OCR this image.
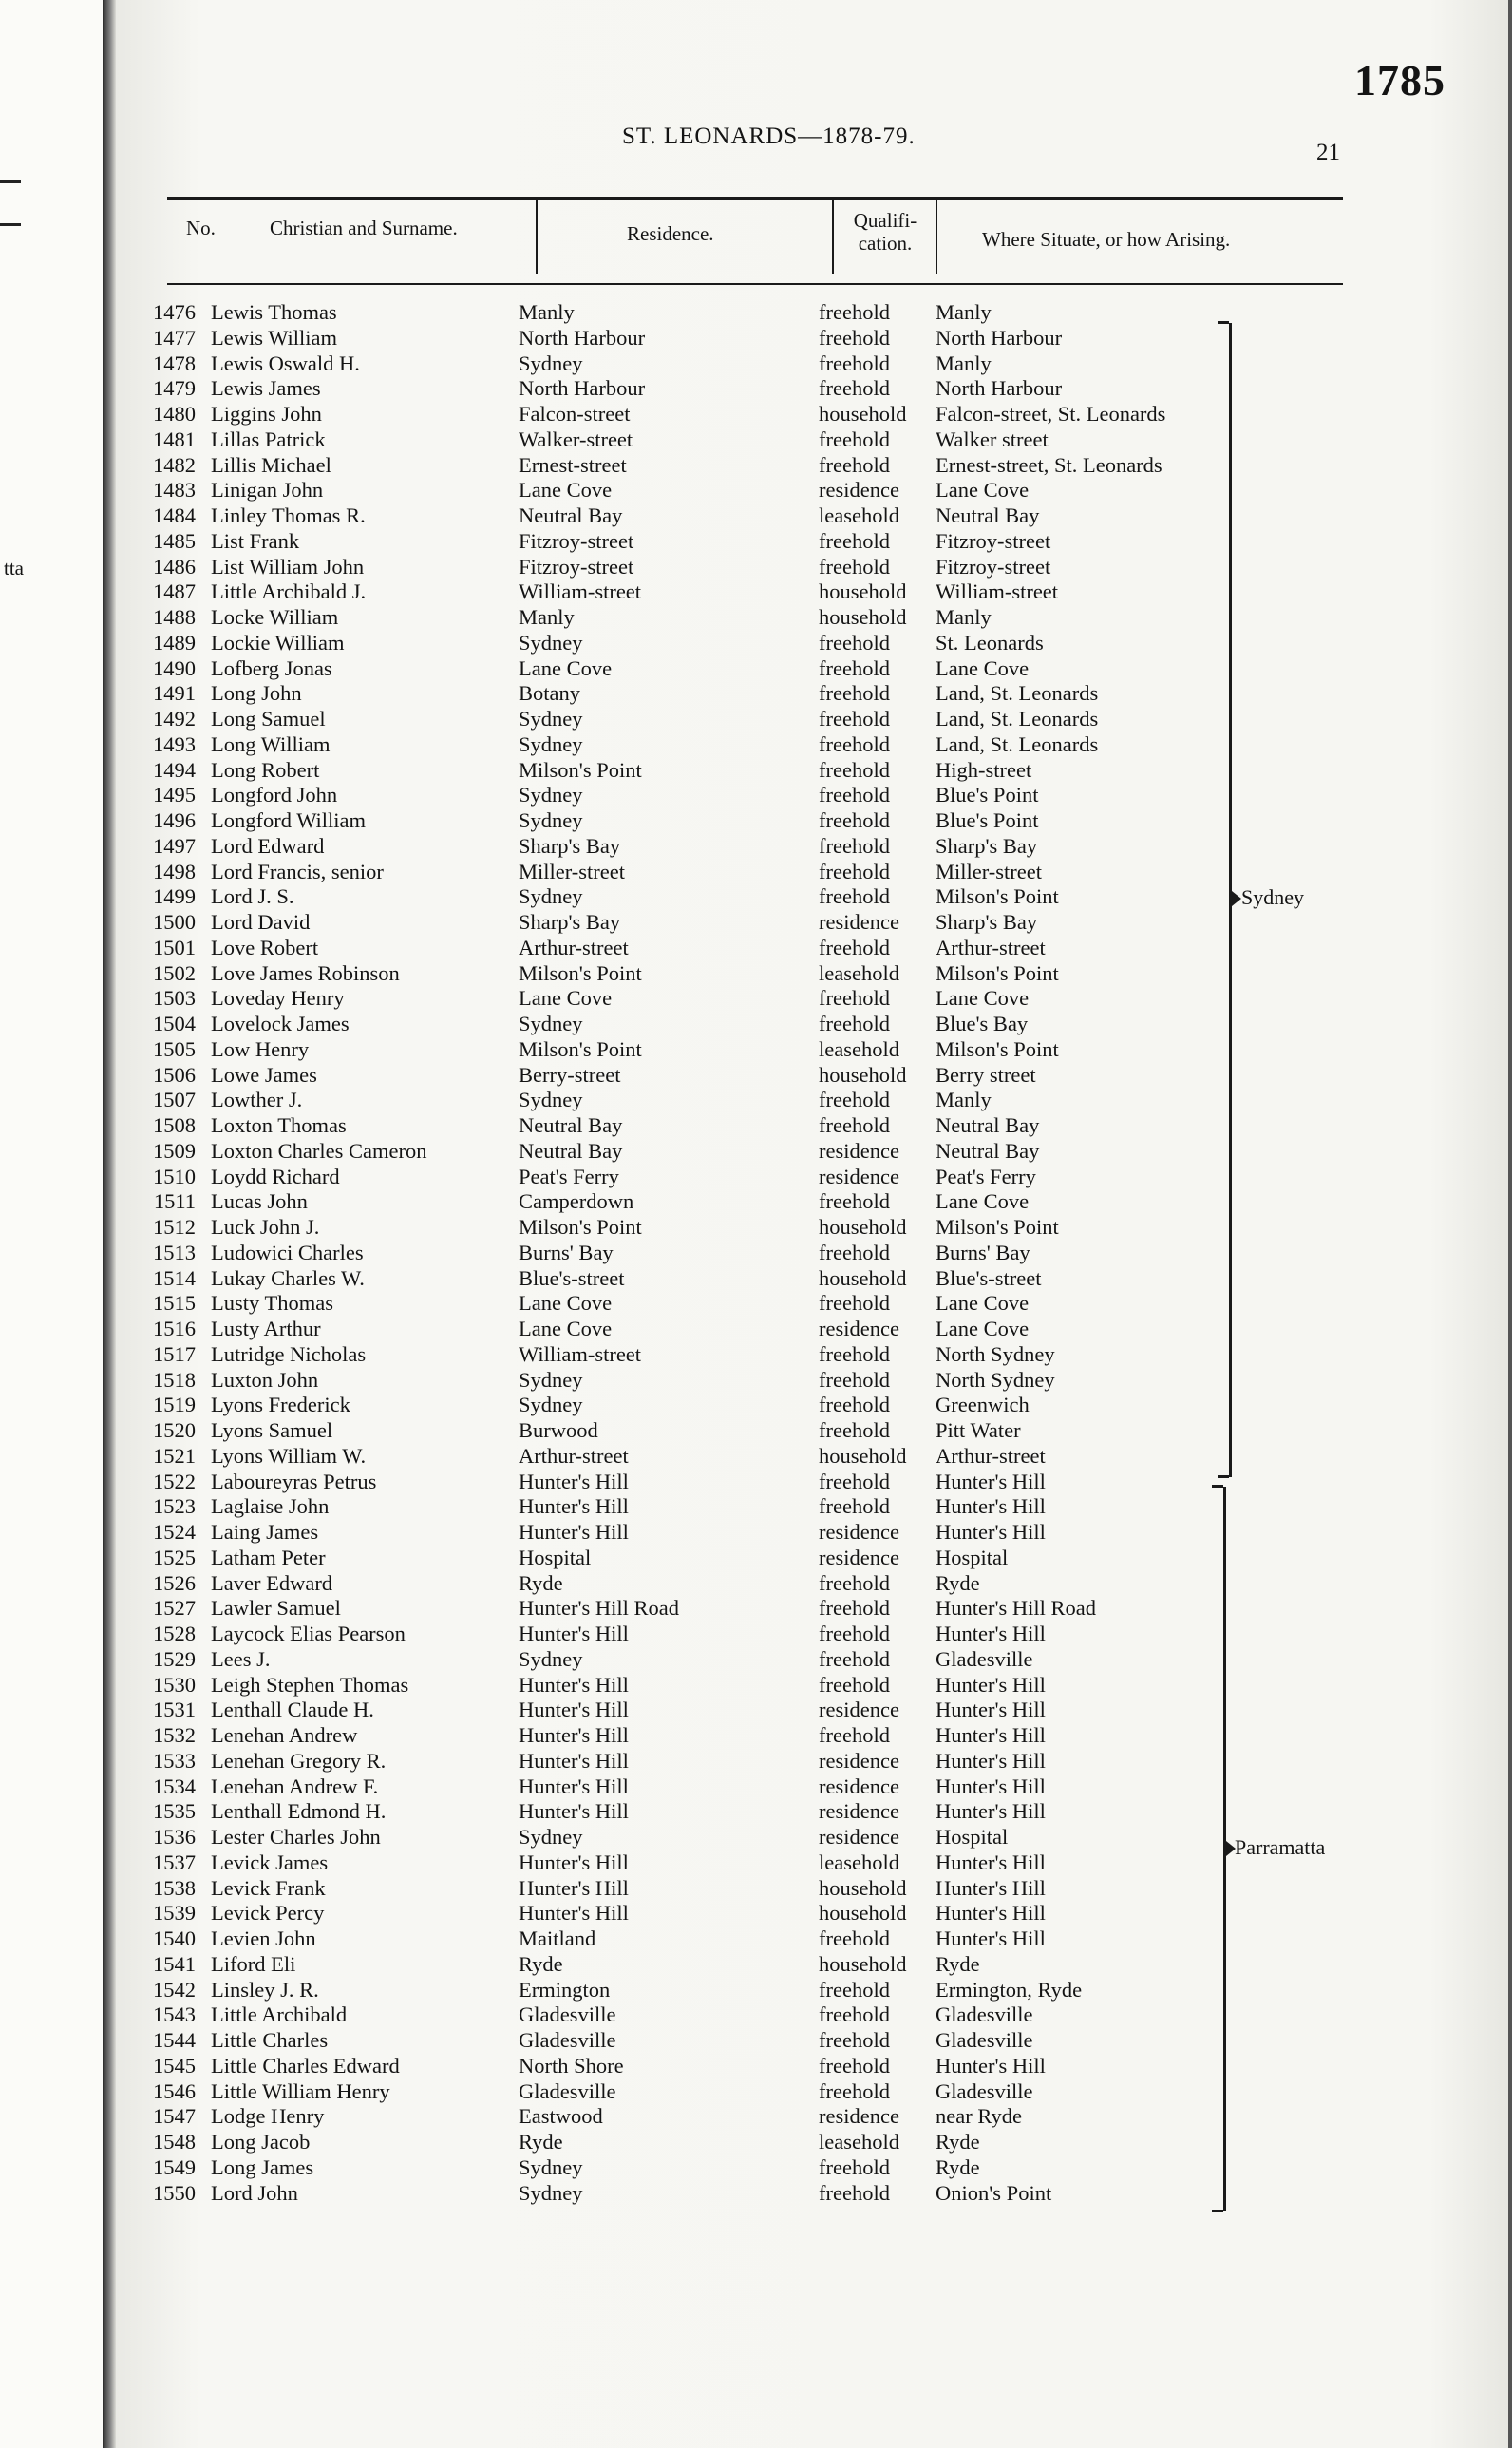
tta
1785
21
ST. LEONARDS—1878-79.
No.	Christian and Surname.	Residence.
Qualifi-
cation.	Where Situate, or how Arising.
1476 Lewis Thomas	Manly	freehold Manly
1477 Lewis William	North Harbour	freehold North Harbour
1478 Lewis Oswald H.	Sydney	freehold Manly
1479 Lewis James	North Harbour	freehold North Harbour
1480 Liggins John	Falcon-street	household Falcon-street, St. Leonards
1481 Lillas Patrick	Walker-street	freehold Walker street
1482 Lillis Michael	Ernest-street	freehold Ernest-street, St. Leonards
1483 Linigan John	Lane Cove	residence Lane Cove
1484 Linley Thomas R.	Neutral Bay	leasehold Neutral Bay
1485 List Frank	Fitzroy-street	freehold Fitzroy-street
1486 List William John	Fitzroy-street	freehold Fitzroy-street
1487 Little Archibald J.	William-street	household William-street
1488 Locke William	Manly	household Manly
1489 Lockie William	Sydney	freehold St. Leonards
1490 Lofberg Jonas	Lane Cove	freehold Lane Cove
1491 Long John	Botany	freehold Land, St. Leonards
1492 Long Samuel	Sydney	freehold Land, St. Leonards
1493 Long William	Sydney	freehold Land, St. Leonards
1494 Long Robert	Milson's Point	freehold High-street
1495 Longford John	Sydney	freehold Blue's Point
1496 Longford William	Sydney	freehold Blue's Point
1497 Lord Edward	Sharp's Bay	freehold Sharp's Bay
1498 Lord Francis, senior	Miller-street	freehold Miller-street
1499 Lord J. S.	Sydney	freehold Milson's Point
1500 Lord David	Sharp's Bay	residence Sharp's Bay
1501 Love Robert	Arthur-street	freehold Arthur-street
1502 Love James Robinson	Milson's Point	leasehold Milson's Point
1503 Loveday Henry	Lane Cove	freehold Lane Cove
1504 Lovelock James	Sydney	freehold Blue's Bay
1505 Low Henry	Milson's Point	leasehold Milson's Point
1506 Lowe James	Berry-street	household Berry street
1507 Lowther J.	Sydney	freehold Manly
1508 Loxton Thomas	Neutral Bay	freehold Neutral Bay
1509 Loxton Charles Cameron	Neutral Bay	residence Neutral Bay
1510 Loydd Richard	Peat's Ferry	residence Peat's Ferry
1511 Lucas John	Camperdown	freehold Lane Cove
1512 Luck John J.	Milson's Point	household Milson's Point
1513 Ludowici Charles	Burns' Bay	freehold Burns' Bay
1514 Lukay Charles W.	Blue's-street	household Blue's-street
1515 Lusty Thomas	Lane Cove	freehold Lane Cove
1516 Lusty Arthur	Lane Cove	residence Lane Cove
1517 Lutridge Nicholas	William-street	freehold North Sydney
1518 Luxton John	Sydney	freehold North Sydney
1519 Lyons Frederick	Sydney	freehold Greenwich
1520 Lyons Samuel	Burwood	freehold Pitt Water
1521 Lyons William W.	Arthur-street	household Arthur-street
1522 Laboureyras Petrus	Hunter's Hill	freehold Hunter's Hill
1523 Laglaise John	Hunter's Hill	freehold Hunter's Hill
1524 Laing James	Hunter's Hill	residence Hunter's Hill
1525 Latham Peter	Hospital	residence Hospital
1526 Laver Edward	Ryde	freehold Ryde
1527 Lawler Samuel	Hunter's Hill Road	freehold Hunter's Hill Road
1528 Laycock Elias Pearson	Hunter's Hill	freehold Hunter's Hill
1529 Lees J.	Sydney	freehold Gladesville
1530 Leigh Stephen Thomas	Hunter's Hill	freehold Hunter's Hill
1531 Lenthall Claude H.	Hunter's Hill	residence Hunter's Hill
1532 Lenehan Andrew	Hunter's Hill	freehold Hunter's Hill
1533 Lenehan Gregory R.	Hunter's Hill	residence Hunter's Hill
1534 Lenehan Andrew F.	Hunter's Hill	residence Hunter's Hill
1535 Lenthall Edmond H.	Hunter's Hill	residence Hunter's Hill
1536 Lester Charles John	Sydney	residence Hospital
1537 Levick James	Hunter's Hill	leasehold Hunter's Hill
1538 Levick Frank	Hunter's Hill	household Hunter's Hill
1539 Levick Percy	Hunter's Hill	household Hunter's Hill
1540 Levien John	Maitland	freehold Hunter's Hill
1541 Liford Eli	Ryde	household Ryde
1542 Linsley J. R.	Ermington	freehold Ermington, Ryde
1543 Little Archibald	Gladesville	freehold Gladesville
1544 Little Charles	Gladesville	freehold Gladesville
1545 Little Charles Edward	North Shore	freehold Hunter's Hill
1546 Little William Henry	Gladesville	freehold Gladesville
1547 Lodge Henry	Eastwood	residence near Ryde
1548 Long Jacob	Ryde	leasehold Ryde
1549 Long James	Sydney	freehold Ryde
1550 Lord John	Sydney	freehold Onion's Point
Sydney
Parramatta
